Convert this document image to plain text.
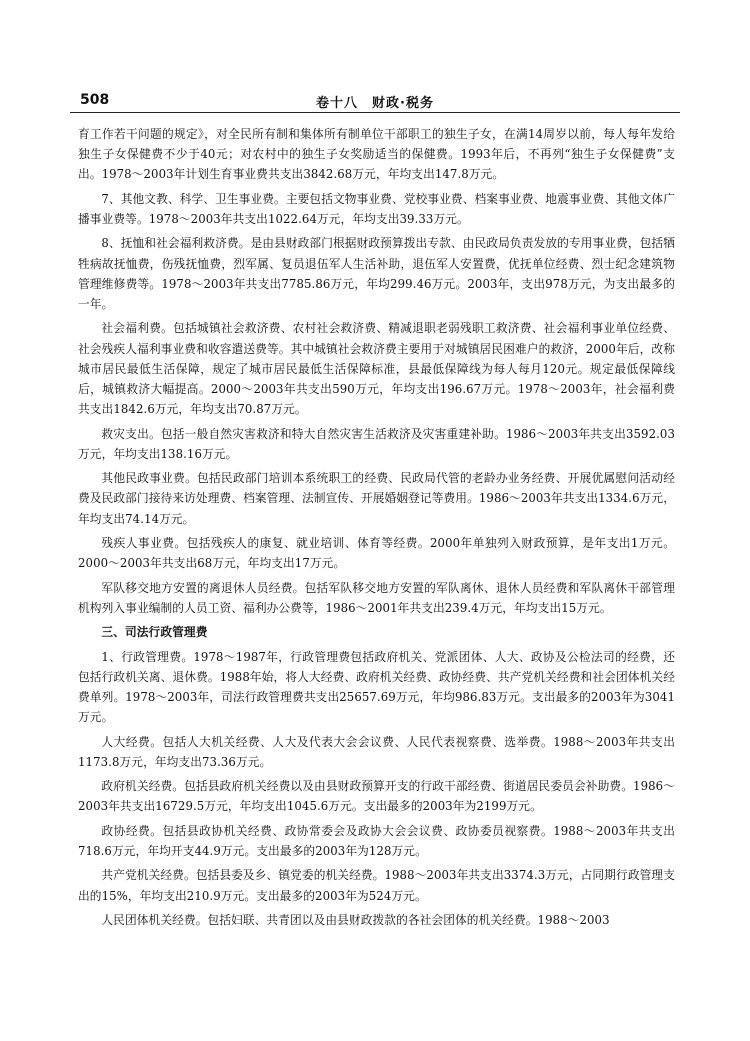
508	卷十八　财政·税务

育工作若干问题的规定》，对全民所有制和集体所有制单位干部职工的独生子女，在满14周岁以前，每人每年发给独生子女保健费不少于40元；对农村中的独生子女奖励适当的保健费。1993年后，不再列“独生子女保健费”支出。1978～2003年计划生育事业费共支出3842.68万元，年均支出147.8万元。

7、其他文教、科学、卫生事业费。主要包括文物事业费、党校事业费、档案事业费、地震事业费、其他文体广播事业费等。1978～2003年共支出1022.64万元，年均支出39.33万元。

8、抚恤和社会福利救济费。是由县财政部门根据财政预算拨出专款、由民政局负责发放的专用事业费，包括牺牲病故抚恤费，伤残抚恤费，烈军属、复员退伍军人生活补助，退伍军人安置费，优抚单位经费、烈士纪念建筑物管理维修费等。1978～2003年共支出7785.86万元，年均299.46万元。2003年，支出978万元，为支出最多的一年。

社会福利费。包括城镇社会救济费、农村社会救济费、精减退职老弱残职工救济费、社会福利事业单位经费、社会残疾人福利事业费和收容遣送费等。其中城镇社会救济费主要用于对城镇居民困难户的救济，2000年后，改称城市居民最低生活保障，规定了城市居民最低生活保障标准，县最低保障线为每人每月120元。规定最低保障线后，城镇救济大幅提高。2000～2003年共支出590万元，年均支出196.67万元。1978～2003年，社会福利费共支出1842.6万元，年均支出70.87万元。

救灾支出。包括一般自然灾害救济和特大自然灾害生活救济及灾害重建补助。1986～2003年共支出3592.03万元，年均支出138.16万元。

其他民政事业费。包括民政部门培训本系统职工的经费、民政局代管的老龄办业务经费、开展优属慰问活动经费及民政部门接待来访处理费、档案管理、法制宣传、开展婚姻登记等费用。1986～2003年共支出1334.6万元，年均支出74.14万元。

残疾人事业费。包括残疾人的康复、就业培训、体育等经费。2000年单独列入财政预算，是年支出1万元。2000～2003年共支出68万元，年均支出17万元。

军队移交地方安置的离退休人员经费。包括军队移交地方安置的军队离休、退休人员经费和军队离休干部管理机构列入事业编制的人员工资、福利办公费等，1986～2001年共支出239.4万元，年均支出15万元。

三、司法行政管理费

1、行政管理费。1978～1987年，行政管理费包括政府机关、党派团体、人大、政协及公检法司的经费，还包括行政机关离、退休费。1988年始，将人大经费、政府机关经费、政协经费、共产党机关经费和社会团体机关经费单列。1978～2003年，司法行政管理费共支出25657.69万元，年均986.83万元。支出最多的2003年为3041万元。

人大经费。包括人大机关经费、人大及代表大会会议费、人民代表视察费、选举费。1988～2003年共支出1173.8万元，年均支出73.36万元。

政府机关经费。包括县政府机关经费以及由县财政预算开支的行政干部经费、街道居民委员会补助费。1986～2003年共支出16729.5万元，年均支出1045.6万元。支出最多的2003年为2199万元。

政协经费。包括县政协机关经费、政协常委会及政协大会会议费、政协委员视察费。1988～2003年共支出718.6万元，年均开支44.9万元。支出最多的2003年为128万元。

共产党机关经费。包括县委及乡、镇党委的机关经费。1988～2003年共支出3374.3万元，占同期行政管理支出的15%，年均支出210.9万元。支出最多的2003年为524万元。

人民团体机关经费。包括妇联、共青团以及由县财政拨款的各社会团体的机关经费。1988～2003
